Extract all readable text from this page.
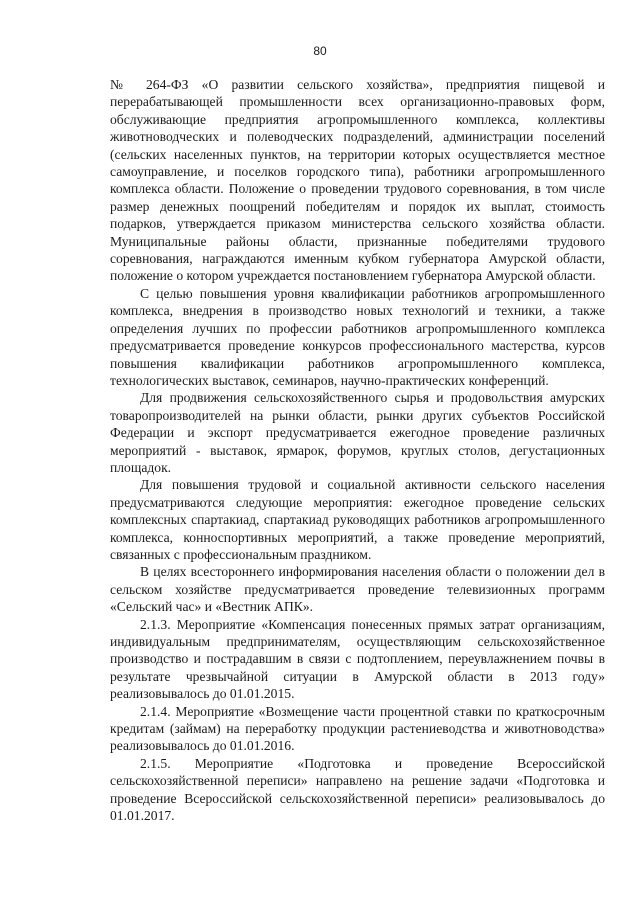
80

№ 264-ФЗ «О развитии сельского хозяйства», предприятия пищевой и перерабатывающей промышленности всех организационно-правовых форм, обслуживающие предприятия агропромышленного комплекса, коллективы животноводческих и полеводческих подразделений, администрации поселений (сельских населенных пунктов, на территории которых осуществляется местное самоуправление, и поселков городского типа), работники агропромышленного комплекса области. Положение о проведении трудового соревнования, в том числе размер денежных поощрений победителям и порядок их выплат, стоимость подарков, утверждается приказом министерства сельского хозяйства области. Муниципальные районы области, признанные победителями трудового соревнования, награждаются именным кубком губернатора Амурской области, положение о котором учреждается постановлением губернатора Амурской области.

С целью повышения уровня квалификации работников агропромышленного комплекса, внедрения в производство новых технологий и техники, а также определения лучших по профессии работников агропромышленного комплекса предусматривается проведение конкурсов профессионального мастерства, курсов повышения квалификации работников агропромышленного комплекса, технологических выставок, семинаров, научно-практических конференций.

Для продвижения сельскохозяйственного сырья и продовольствия амурских товаропроизводителей на рынки области, рынки других субъектов Российской Федерации и экспорт предусматривается ежегодное проведение различных мероприятий - выставок, ярмарок, форумов, круглых столов, дегустационных площадок.

Для повышения трудовой и социальной активности сельского населения предусматриваются следующие мероприятия: ежегодное проведение сельских комплексных спартакиад, спартакиад руководящих работников агропромышленного комплекса, конноспортивных мероприятий, а также проведение мероприятий, связанных с профессиональным праздником.

В целях всестороннего информирования населения области о положении дел в сельском хозяйстве предусматривается проведение телевизионных программ «Сельский час» и «Вестник АПК».

2.1.3. Мероприятие «Компенсация понесенных прямых затрат организациям, индивидуальным предпринимателям, осуществляющим сельскохозяйственное производство и пострадавшим в связи с подтоплением, переувлажнением почвы в результате чрезвычайной ситуации в Амурской области в 2013 году» реализовывалось до 01.01.2015.

2.1.4. Мероприятие «Возмещение части процентной ставки по краткосрочным кредитам (займам) на переработку продукции растениеводства и животноводства» реализовывалось до 01.01.2016.

2.1.5. Мероприятие «Подготовка и проведение Всероссийской сельскохозяйственной переписи» направлено на решение задачи «Подготовка и проведение Всероссийской сельскохозяйственной переписи» реализовывалось до 01.01.2017.
